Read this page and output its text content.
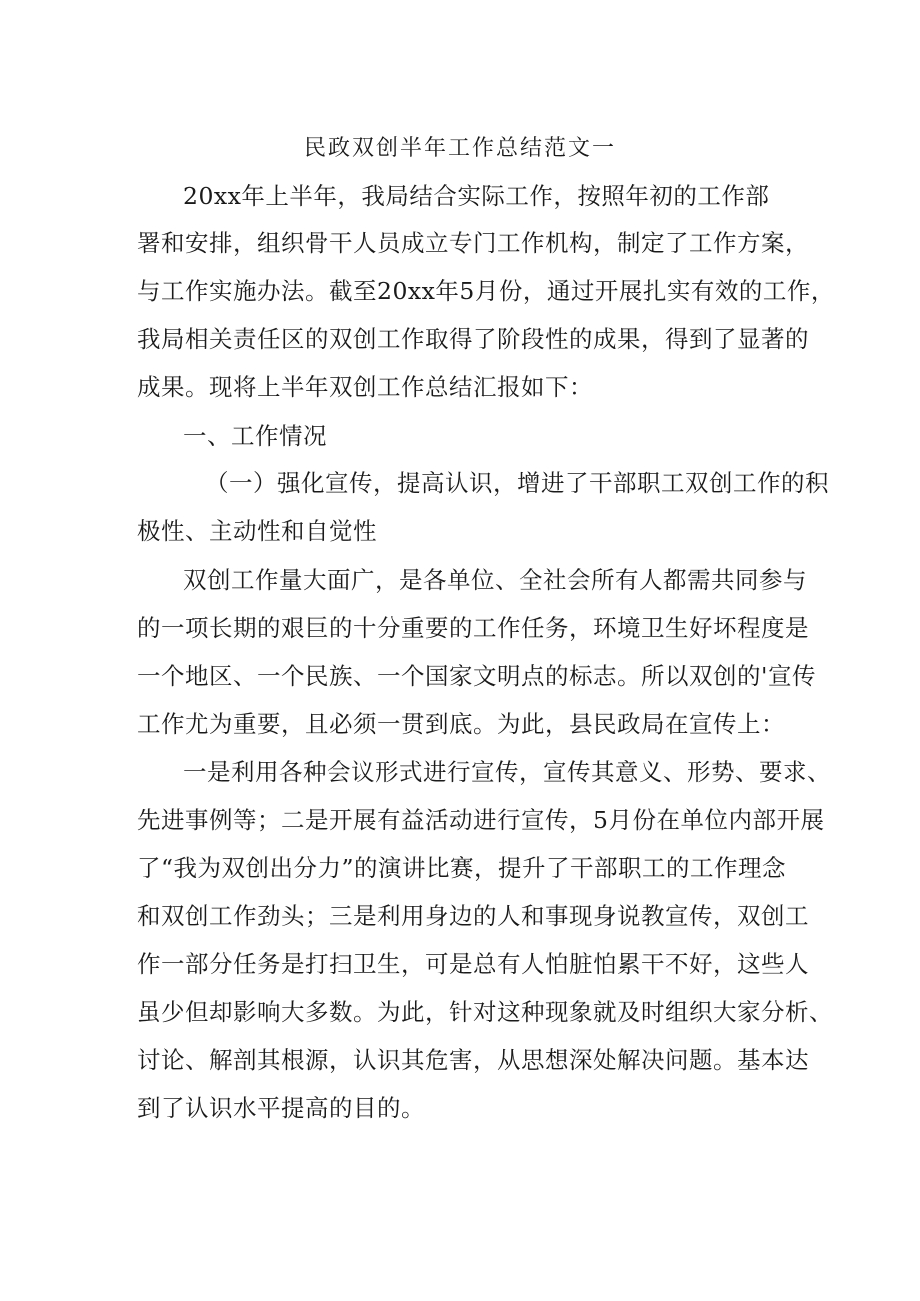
民政双创半年工作总结范文一
20xx年上半年，我局结合实际工作，按照年初的工作部
署和安排，组织骨干人员成立专门工作机构，制定了工作方案，
与工作实施办法。截至20xx年5月份，通过开展扎实有效的工作，
我局相关责任区的双创工作取得了阶段性的成果，得到了显著的
成果。现将上半年双创工作总结汇报如下：
一、工作情况
（一）强化宣传，提高认识，增进了干部职工双创工作的积
极性、主动性和自觉性
双创工作量大面广，是各单位、全社会所有人都需共同参与
的一项长期的艰巨的十分重要的工作任务，环境卫生好坏程度是
一个地区、一个民族、一个国家文明点的标志。所以双创的'宣传
工作尤为重要，且必须一贯到底。为此，县民政局在宣传上：
一是利用各种会议形式进行宣传，宣传其意义、形势、要求、
先进事例等；二是开展有益活动进行宣传，5月份在单位内部开展
了“我为双创出分力”的演讲比赛，提升了干部职工的工作理念
和双创工作劲头；三是利用身边的人和事现身说教宣传，双创工
作一部分任务是打扫卫生，可是总有人怕脏怕累干不好，这些人
虽少但却影响大多数。为此，针对这种现象就及时组织大家分析、
讨论、解剖其根源，认识其危害，从思想深处解决问题。基本达
到了认识水平提高的目的。
